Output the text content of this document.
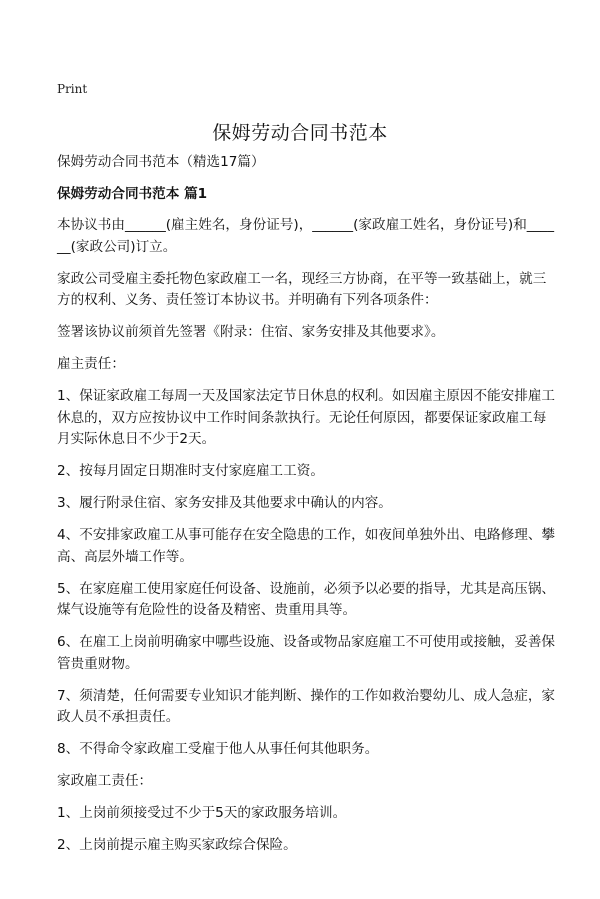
Print
保姆劳动合同书范本
保姆劳动合同书范本（精选17篇）
保姆劳动合同书范本 篇1
本协议书由______(雇主姓名，身份证号)，______(家政雇工姓名，身份证号)和______(家政公司)订立。
家政公司受雇主委托物色家政雇工一名，现经三方协商，在平等一致基础上，就三方的权利、义务、责任签订本协议书。并明确有下列各项条件：
签署该协议前须首先签署《附录：住宿、家务安排及其他要求》。
雇主责任：
1、保证家政雇工每周一天及国家法定节日休息的权利。如因雇主原因不能安排雇工休息的，双方应按协议中工作时间条款执行。无论任何原因，都要保证家政雇工每月实际休息日不少于2天。
2、按每月固定日期准时支付家庭雇工工资。
3、履行附录住宿、家务安排及其他要求中确认的内容。
4、不安排家政雇工从事可能存在安全隐患的工作，如夜间单独外出、电路修理、攀高、高层外墙工作等。
5、在家庭雇工使用家庭任何设备、设施前，必须予以必要的指导，尤其是高压锅、煤气设施等有危险性的设备及精密、贵重用具等。
6、在雇工上岗前明确家中哪些设施、设备或物品家庭雇工不可使用或接触，妥善保管贵重财物。
7、须清楚，任何需要专业知识才能判断、操作的工作如救治婴幼儿、成人急症，家政人员不承担责任。
8、不得命令家政雇工受雇于他人从事任何其他职务。
家政雇工责任：
1、上岗前须接受过不少于5天的家政服务培训。
2、上岗前提示雇主购买家政综合保险。
